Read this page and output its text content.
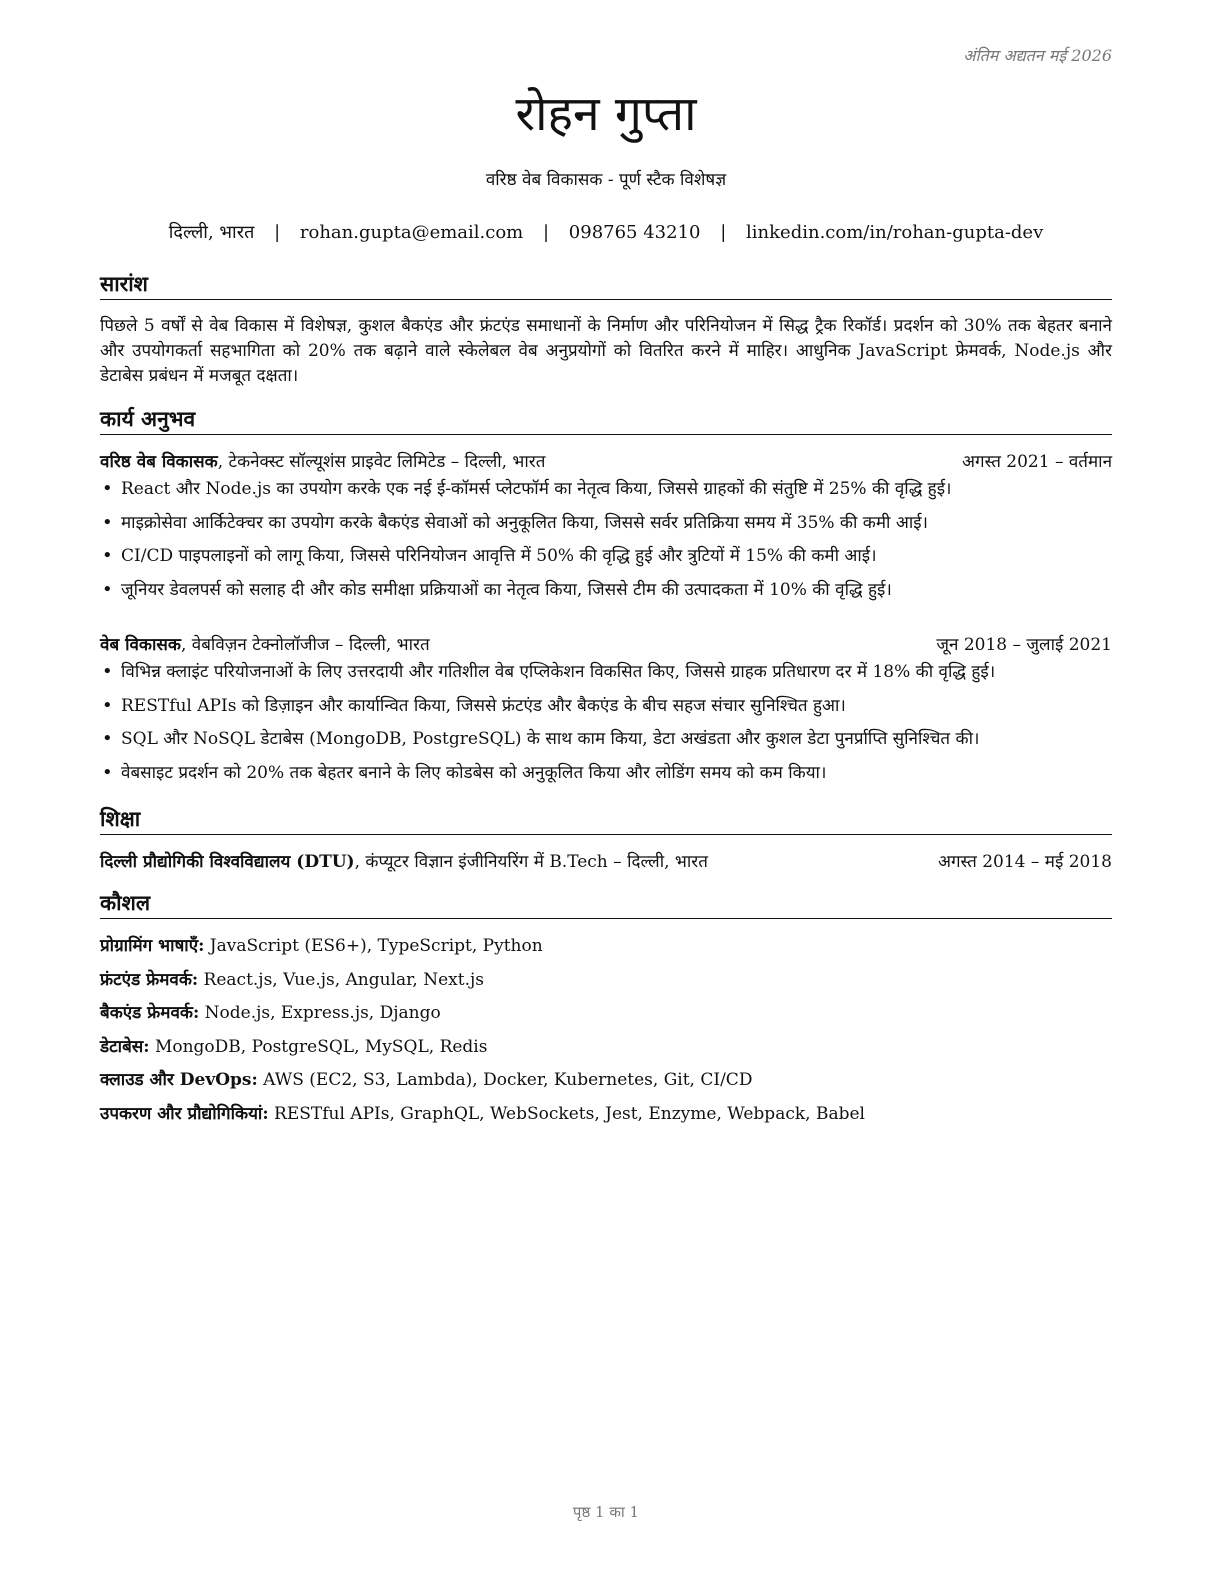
अंतिम अद्यतन मई 2026
रोहन गुप्ता
वरिष्ठ वेब विकासक - पूर्ण स्टैक विशेषज्ञ
दिल्ली, भारत | rohan.gupta@email.com | 098765 43210 | linkedin.com/in/rohan-gupta-dev
सारांश
पिछले 5 वर्षों से वेब विकास में विशेषज्ञ, कुशल बैकएंड और फ्रंटएंड समाधानों के निर्माण और परिनियोजन में सिद्ध ट्रैक रिकॉर्ड। प्रदर्शन को 30% तक बेहतर बनाने और उपयोगकर्ता सहभागिता को 20% तक बढ़ाने वाले स्केलेबल वेब अनुप्रयोगों को वितरित करने में माहिर। आधुनिक JavaScript फ्रेमवर्क, Node.js और डेटाबेस प्रबंधन में मजबूत दक्षता।
कार्य अनुभव
वरिष्ठ वेब विकासक, टेकनेक्स्ट सॉल्यूशंस प्राइवेट लिमिटेड – दिल्ली, भारत	अगस्त 2021 – वर्तमान
• React और Node.js का उपयोग करके एक नई ई-कॉमर्स प्लेटफॉर्म का नेतृत्व किया, जिससे ग्राहकों की संतुष्टि में 25% की वृद्धि हुई।
• माइक्रोसेवा आर्किटेक्चर का उपयोग करके बैकएंड सेवाओं को अनुकूलित किया, जिससे सर्वर प्रतिक्रिया समय में 35% की कमी आई।
• CI/CD पाइपलाइनों को लागू किया, जिससे परिनियोजन आवृत्ति में 50% की वृद्धि हुई और त्रुटियों में 15% की कमी आई।
• जूनियर डेवलपर्स को सलाह दी और कोड समीक्षा प्रक्रियाओं का नेतृत्व किया, जिससे टीम की उत्पादकता में 10% की वृद्धि हुई।
वेब विकासक, वेबविज़न टेक्नोलॉजीज – दिल्ली, भारत	जून 2018 – जुलाई 2021
• विभिन्न क्लाइंट परियोजनाओं के लिए उत्तरदायी और गतिशील वेब एप्लिकेशन विकसित किए, जिससे ग्राहक प्रतिधारण दर में 18% की वृद्धि हुई।
• RESTful APIs को डिज़ाइन और कार्यान्वित किया, जिससे फ्रंटएंड और बैकएंड के बीच सहज संचार सुनिश्चित हुआ।
• SQL और NoSQL डेटाबेस (MongoDB, PostgreSQL) के साथ काम किया, डेटा अखंडता और कुशल डेटा पुनर्प्राप्ति सुनिश्चित की।
• वेबसाइट प्रदर्शन को 20% तक बेहतर बनाने के लिए कोडबेस को अनुकूलित किया और लोडिंग समय को कम किया।
शिक्षा
दिल्ली प्रौद्योगिकी विश्वविद्यालय (DTU), कंप्यूटर विज्ञान इंजीनियरिंग में B.Tech – दिल्ली, भारत	अगस्त 2014 – मई 2018
कौशल
प्रोग्रामिंग भाषाएँ: JavaScript (ES6+), TypeScript, Python
फ्रंटएंड फ्रेमवर्क: React.js, Vue.js, Angular, Next.js
बैकएंड फ्रेमवर्क: Node.js, Express.js, Django
डेटाबेस: MongoDB, PostgreSQL, MySQL, Redis
क्लाउड और DevOps: AWS (EC2, S3, Lambda), Docker, Kubernetes, Git, CI/CD
उपकरण और प्रौद्योगिकियां: RESTful APIs, GraphQL, WebSockets, Jest, Enzyme, Webpack, Babel
पृष्ठ 1 का 1
